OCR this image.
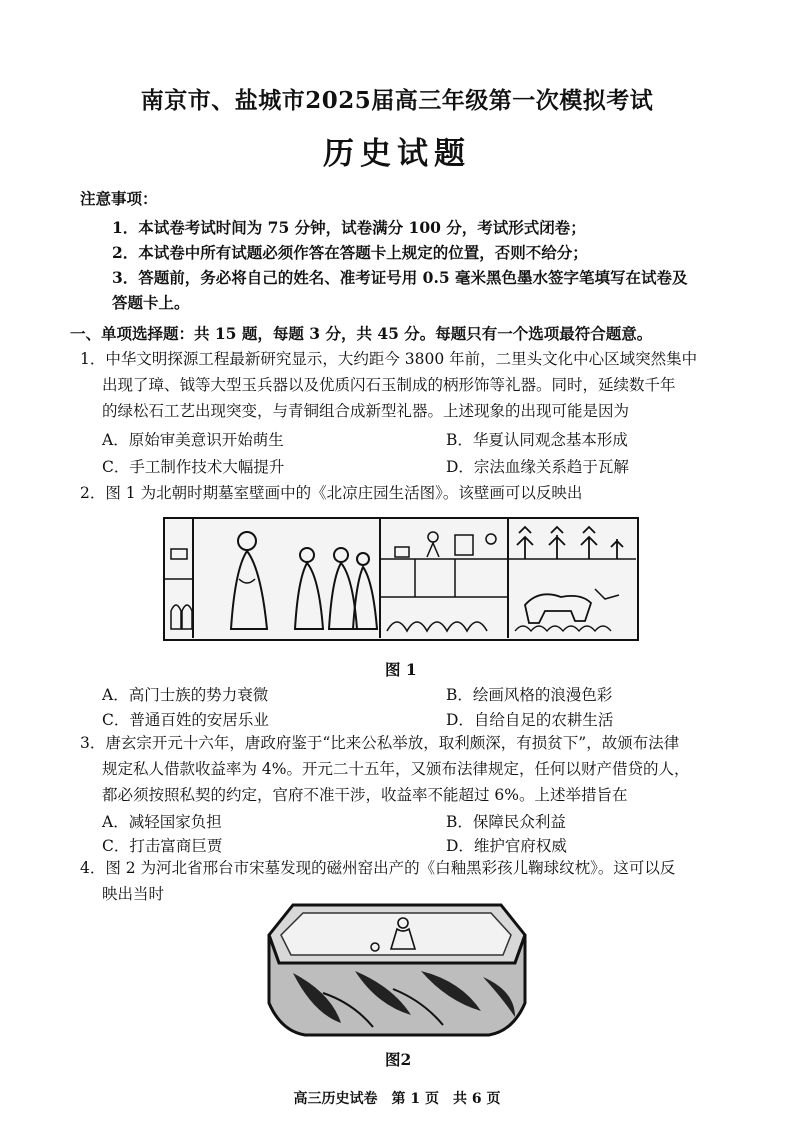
南京市、盐城市2025届高三年级第一次模拟考试
历史试题
注意事项：
1．本试卷考试时间为 75 分钟，试卷满分 100 分，考试形式闭卷；
2．本试卷中所有试题必须作答在答题卡上规定的位置，否则不给分；
3．答题前，务必将自己的姓名、准考证号用 0.5 毫米黑色墨水签字笔填写在试卷及
答题卡上。
一、单项选择题：共 15 题，每题 3 分，共 45 分。每题只有一个选项最符合题意。
1．中华文明探源工程最新研究显示，大约距今 3800 年前，二里头文化中心区域突然集中
出现了璋、钺等大型玉兵器以及优质闪石玉制成的柄形饰等礼器。同时，延续数千年
的绿松石工艺出现突变，与青铜组合成新型礼器。上述现象的出现可能是因为
A．原始审美意识开始萌生	B．华夏认同观念基本形成
C．手工制作技术大幅提升	D．宗法血缘关系趋于瓦解
2．图 1 为北朝时期墓室壁画中的《北凉庄园生活图》。该壁画可以反映出
图 1
A．高门士族的势力衰微	B．绘画风格的浪漫色彩
C．普通百姓的安居乐业	D．自给自足的农耕生活
3．唐玄宗开元十六年，唐政府鉴于“比来公私举放，取利颇深，有损贫下”，故颁布法律
规定私人借款收益率为 4%。开元二十五年，又颁布法律规定，任何以财产借贷的人，
都必须按照私契的约定，官府不准干涉，收益率不能超过 6%。上述举措旨在
A．减轻国家负担	B．保障民众利益
C．打击富商巨贾	D．维护官府权威
4．图 2 为河北省邢台市宋墓发现的磁州窑出产的《白釉黑彩孩儿鞠球纹枕》。这可以反
映出当时
图2
高三历史试卷　第 1 页　共 6 页
